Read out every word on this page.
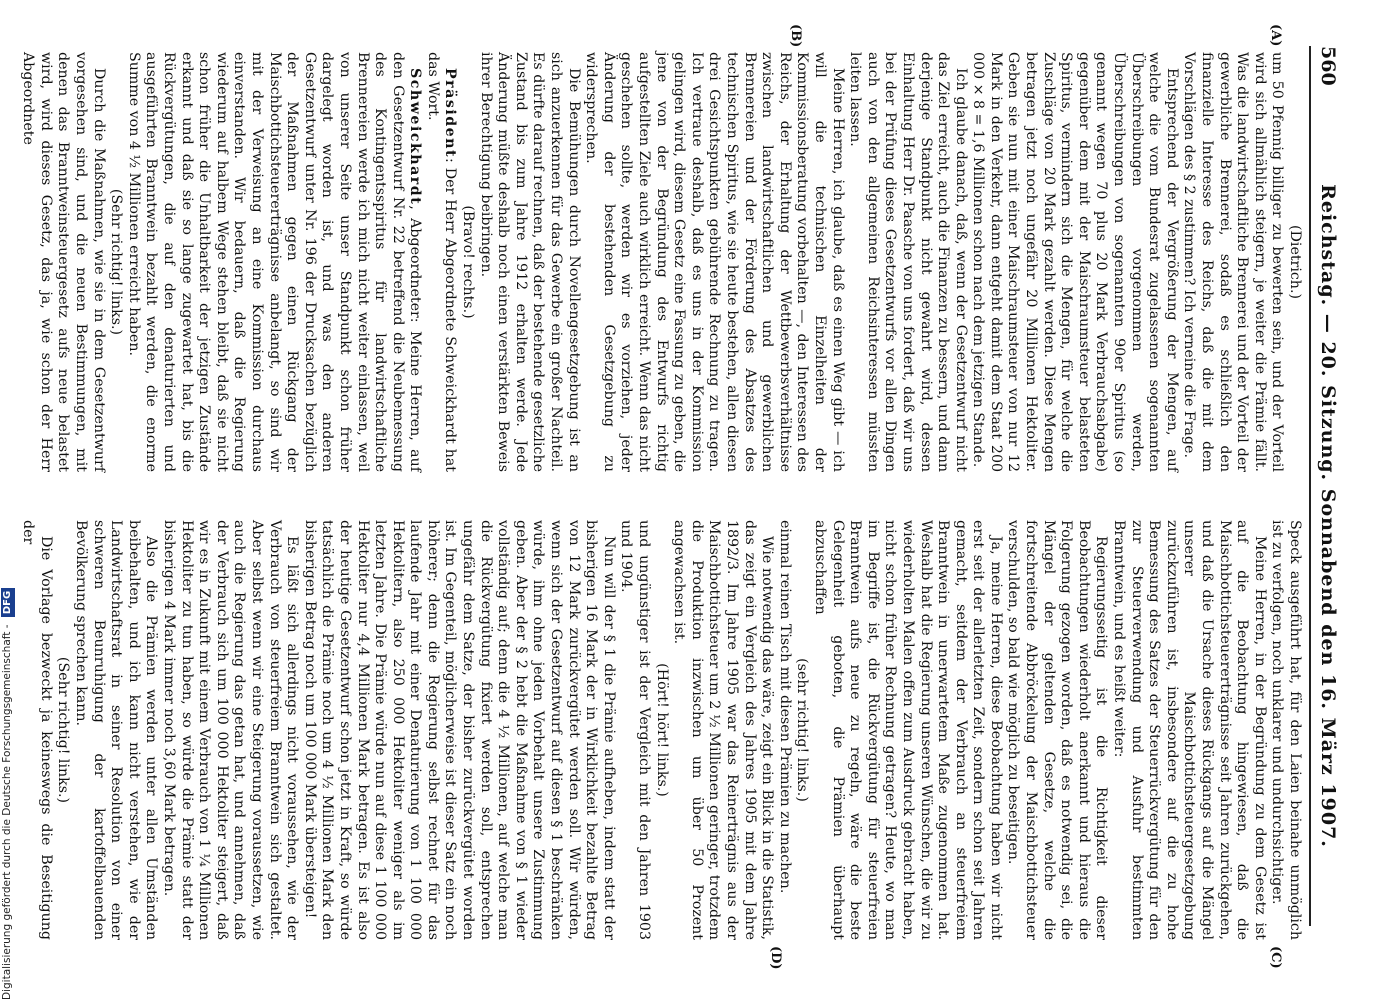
560
Reichstag. — 20. Sitzung. Sonnabend den 16. März 1907.
(A)
(B)
(C)
(D)

(Dietrich.)

um 50 Pfennig billiger zu bewerten sein, und der Vorteil wird sich allmählich steigern, je weiter die Prämie fällt. Was die landwirtschaftliche Brennerei und der Vorteil der gewerbliche Brennerei, sodaß es schließlich den finanzielle Interesse des Reichs, daß die mit dem Vorschlägen des § 2 zustimmen? Ich verneine die Frage.

Entsprechend der Vergrößerung der Mengen, auf welche die vom Bundesrat zugelassenen sogenannten Überschreibungen vorgenommen werden, Überschreibungen von sogenannten 90er Spiritus (so genannt wegen 70 plus 20 Mark Verbrauchsabgabe) gegenüber dem mit der Maischraumsteuer belasteten Spiritus, vermindern sich die Mengen, für welche die Zuschläge von 20 Mark gezahlt werden. Diese Mengen betragen jetzt noch ungefähr 20 Millionen Hektoliter. Geben sie nun mit einer Maischraumsteuer von nur 12 Mark in den Verkehr, dann entgeht damit dem Staat 200 000 × 8 = 1,6 Millionen schon nach dem jetzigen Stande.

Ich glaube danach, daß, wenn der Gesetzentwurf nicht das Ziel erreicht, auch die Finanzen zu bessern, und dann derjenige Standpunkt nicht gewahrt wird, dessen Einhaltung Herr Dr. Paasche von uns fordert, daß wir uns bei der Prüfung dieses Gesetzentwurfs vor allen Dingen auch von den allgemeinen Reichsinteressen müssten leiten lassen.

Meine Herren, ich glaube, daß es einen Weg gibt — ich will die technischen Einzelheiten der Kommissionsberatung vorbehalten —, den Interessen des Reichs, der Erhaltung der Wettbewerbsverhältnisse zwischen landwirtschaftlichen und gewerblichen Brennereien und der Förderung des Absatzes des technischen Spiritus, wie sie heute bestehen, allen diesen drei Gesichtspunkten gebührende Rechnung zu tragen. Ich vertraue deshalb, daß es uns in der Kommission gelingen wird, diesem Gesetz eine Fassung zu geben, die jene von der Begründung des Entwurfs richtig aufgestellten Ziele auch wirklich erreicht. Wenn das nicht geschehen sollte, werden wir es vorziehen, jeder Änderung der bestehenden Gesetzgebung zu widersprechen.

Die Bemühungen durch Novellengesetzgebung ist an sich anzuerkennen für das Gewerbe ein großer Nachteil. Es dürfte darauf rechnen, daß der bestehende gesetzliche Zustand bis zum Jahre 1912 erhalten werde. Jede Änderung müßte deshalb noch einen verstärkten Beweis ihrer Berechtigung beibringen.

(Bravo! rechts.)

Präsident: Der Herr Abgeordnete Schweickhardt hat das Wort.

Schweickhardt, Abgeordneter: Meine Herren, auf den Gesetzentwurf Nr. 22 betreffend die Neubemessung des Kontingentsspiritus für landwirtschaftliche Brennereien werde ich mich nicht weiter einlassen, weil von unserer Seite unser Standpunkt schon früher dargelegt worden ist, und was den anderen Gesetzentwurf unter Nr. 196 der Drucksachen bezüglich der Maßnahmen gegen einen Rückgang der Maischbottichsteuererträgnisse anbelangt, so sind wir mit der Verweisung an eine Kommission durchaus einverstanden. Wir bedauern, daß die Regierung wiederum auf halbem Wege stehen bleibt, daß sie nicht schon früher die Unhaltbarkeit der jetzigen Zustände erkannt und daß sie so lange zugewartet hat, bis die Rückvergütungen, die auf den denaturierten und ausgeführten Branntwein bezahlt werden, die enorme Summe von 4 ½ Millionen erreicht haben.

(Sehr richtig! links.)

Durch die Maßnahmen, wie sie in dem Gesetzentwurf vorgesehen sind, und die neuen Bestimmungen, mit denen das Branntweinsteuergesetz aufs neue belastet wird, wird dieses Gesetz, das ja, wie schon der Herr Abgeordnete

Speck ausgeführt hat, für den Laien beinahe unmöglich ist zu verfolgen, noch unklarer und undurchsichtiger.

Meine Herren, in der Begründung zu dem Gesetz ist auf die Beobachtung hingewiesen, daß die Maischbottichsteuererträgnisse seit Jahren zurückgehen, und daß die Ursache dieses Rückgangs auf die Mängel unserer Maischbottichsteuergesetzgebung zurückzuführen ist, insbesondere auf die zu hohe Bemessung des Satzes der Steuerrückvergütung für den zur Steuerverwendung und Ausfuhr bestimmten Branntwein, und es heißt weiter:

Regierungsseitig ist die Richtigkeit dieser Beobachtungen wiederholt anerkannt und hieraus die Folgerung gezogen worden, daß es notwendig sei, die Mängel der geltenden Gesetze, welche die fortschreitende Abbröckelung der Maischbottichsteuer verschulden, so bald wie möglich zu beseitigen.

Ja, meine Herren, diese Beobachtung haben wir nicht erst seit der allerletzten Zeit, sondern schon seit Jahren gemacht, seitdem der Verbrauch an steuerfreiem Branntwein in unerwartetem Maße zugenommen hat. Weshalb hat die Regierung unseren Wünschen, die wir zu wiederholten Malen offen zum Ausdruck gebracht haben, nicht schon früher Rechnung getragen? Heute, wo man im Begriffe ist, die Rückvergütung für steuerfreien Branntwein aufs neue zu regeln, wäre die beste Gelegenheit geboten, die Prämien überhaupt abzuschaffen

(sehr richtig! links.)

einmal reinen Tisch mit diesen Prämien zu machen.

Wie notwendig das wäre, zeigt ein Blick in die Statistik, das zeigt ein Vergleich des Jahres 1905 mit dem Jahre 1892/3. Im Jahre 1905 war das Reinerträgnis aus der Maischbottichsteuer um 2 ½ Millionen geringer, trotzdem die Produktion inzwischen um über 50 Prozent angewachsen ist.

(Hört! hört! links.)

und ungünstiger ist der Vergleich mit den Jahren 1903 und 1904.

Nun will der § 1 die Prämie aufheben, indem statt der bisherigen 16 Mark der in Wirklichkeit bezahlte Betrag von 12 Mark zurückvergütet werden soll. Wir würden, wenn sich der Gesetzentwurf auf diesen § 1 beschränken würde, ihm ohne jeden Vorbehalt unsere Zustimmung geben. Aber der § 2 hebt die Maßnahme von § 1 wieder vollständig auf; denn die 4 ½ Millionen, auf welche man die Rückvergütung fixiert werden soll, entsprechen ungefähr dem Satze, der bisher zurückvergütet worden ist. Im Gegenteil, möglicherweise ist dieser Satz ein noch höherer; denn die Regierung selbst rechnet für das laufende Jahr mit einer Denaturierung von 1 100 000 Hektolitern, also 250 000 Hektoliter weniger als im letzten Jahre. Die Prämie würde nun auf diese 1 100 000 Hektoliter nur 4,4 Millionen Mark betragen. Es ist also der heutige Gesetzentwurf schon jetzt in Kraft, so würde tatsächlich die Prämie noch um 4 ½ Millionen Mark den bisherigen Betrag noch um 100 000 Mark übersteigen!

Es läßt sich allerdings nicht voraussehen, wie der Verbrauch von steuerfreiem Branntwein sich gestaltet. Aber selbst wenn wir eine Steigerung voraussetzen, wie auch die Regierung das getan hat, und annehmen, daß der Verbrauch sich um 100 000 Hektoliter steigert, daß wir es in Zukunft mit einem Verbrauch von 1 ¼ Millionen Hektoliter zu tun haben, so würde die Prämie statt der bisherigen 4 Mark immer noch 3,60 Mark betragen.

Also die Prämien werden unter allen Umständen beibehalten, und ich kann nicht verstehen, wie der Landwirtschaftsrat in seiner Resolution von einer schweren Beunruhigung der kartoffelbauenden Bevölkerung sprechen kann.

(Sehr richtig! links.)

Die Vorlage bezweckt ja keineswegs die Beseitigung der

Digitalisierung gefördert durch die Deutsche Forschungsgemeinschaft - DFG
